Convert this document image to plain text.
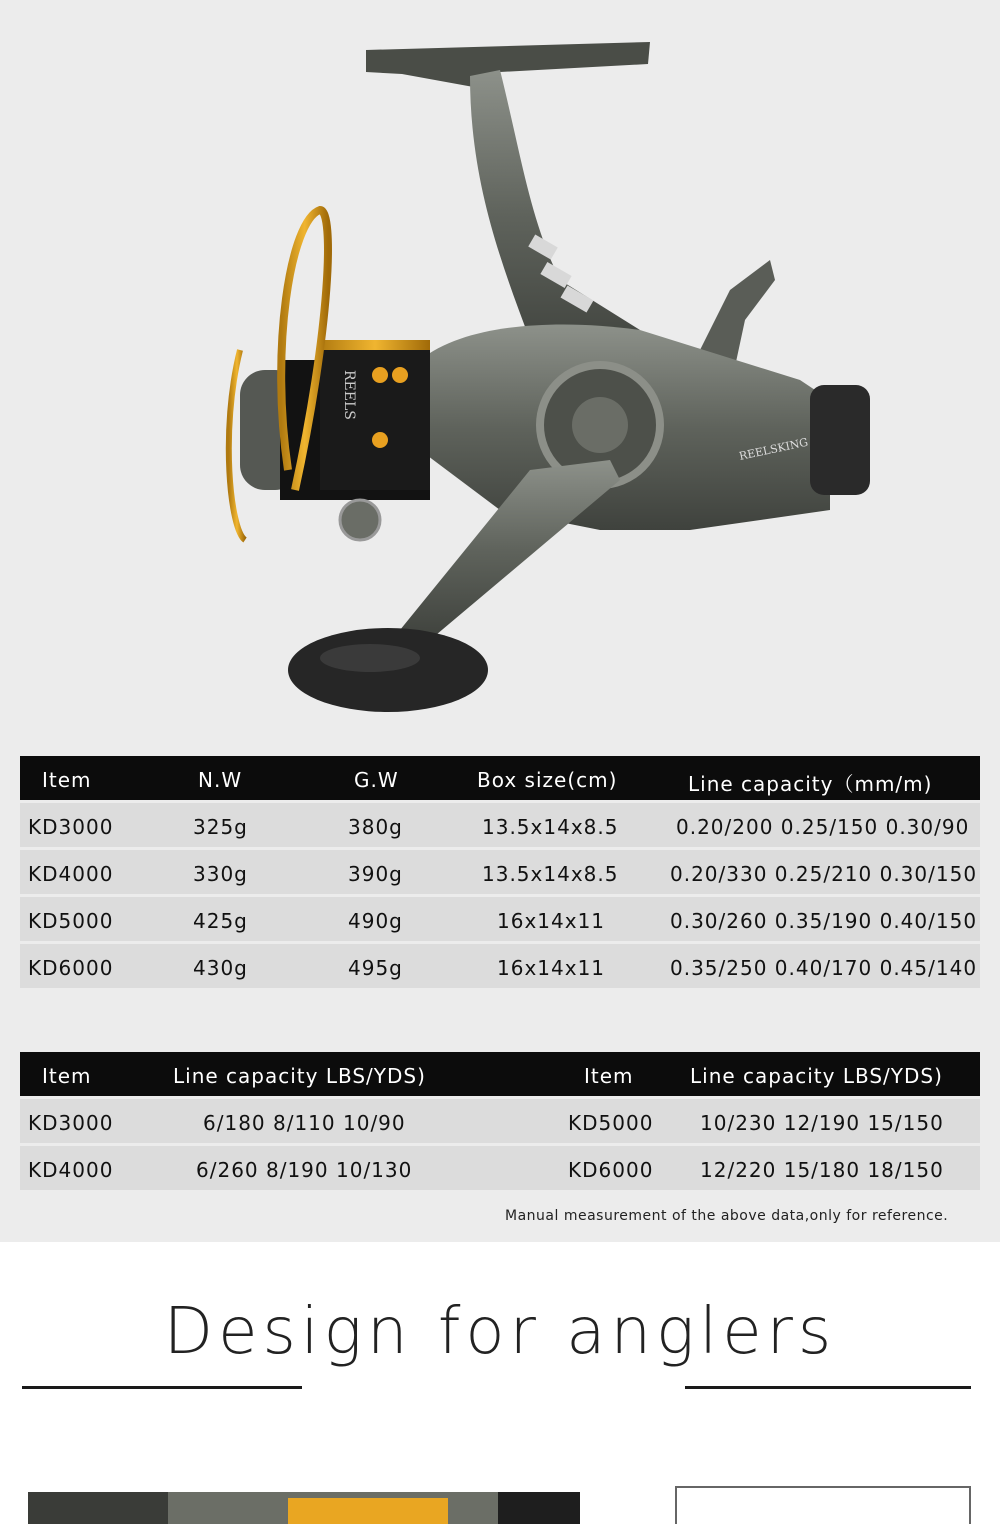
REELSKING
REELS
Item	N.W	G.W	Box size(cm)	Line capacity（mm/m)
KD3000	325g	380g	13.5x14x8.5	0.20/200 0.25/150 0.30/90
KD4000	330g	390g	13.5x14x8.5	0.20/330 0.25/210 0.30/150
KD5000	425g	490g	16x14x11	0.30/260 0.35/190 0.40/150
KD6000	430g	495g	16x14x11	0.35/250 0.40/170 0.45/140
Item	Line capacity LBS/YDS)	Item	Line capacity LBS/YDS)
KD3000	6/180 8/110 10/90	KD5000 10/230 12/190 15/150
KD4000	6/260 8/190 10/130	KD6000 12/220 15/180 18/150
Manual measurement of the above data,only for reference.
Design for anglers
